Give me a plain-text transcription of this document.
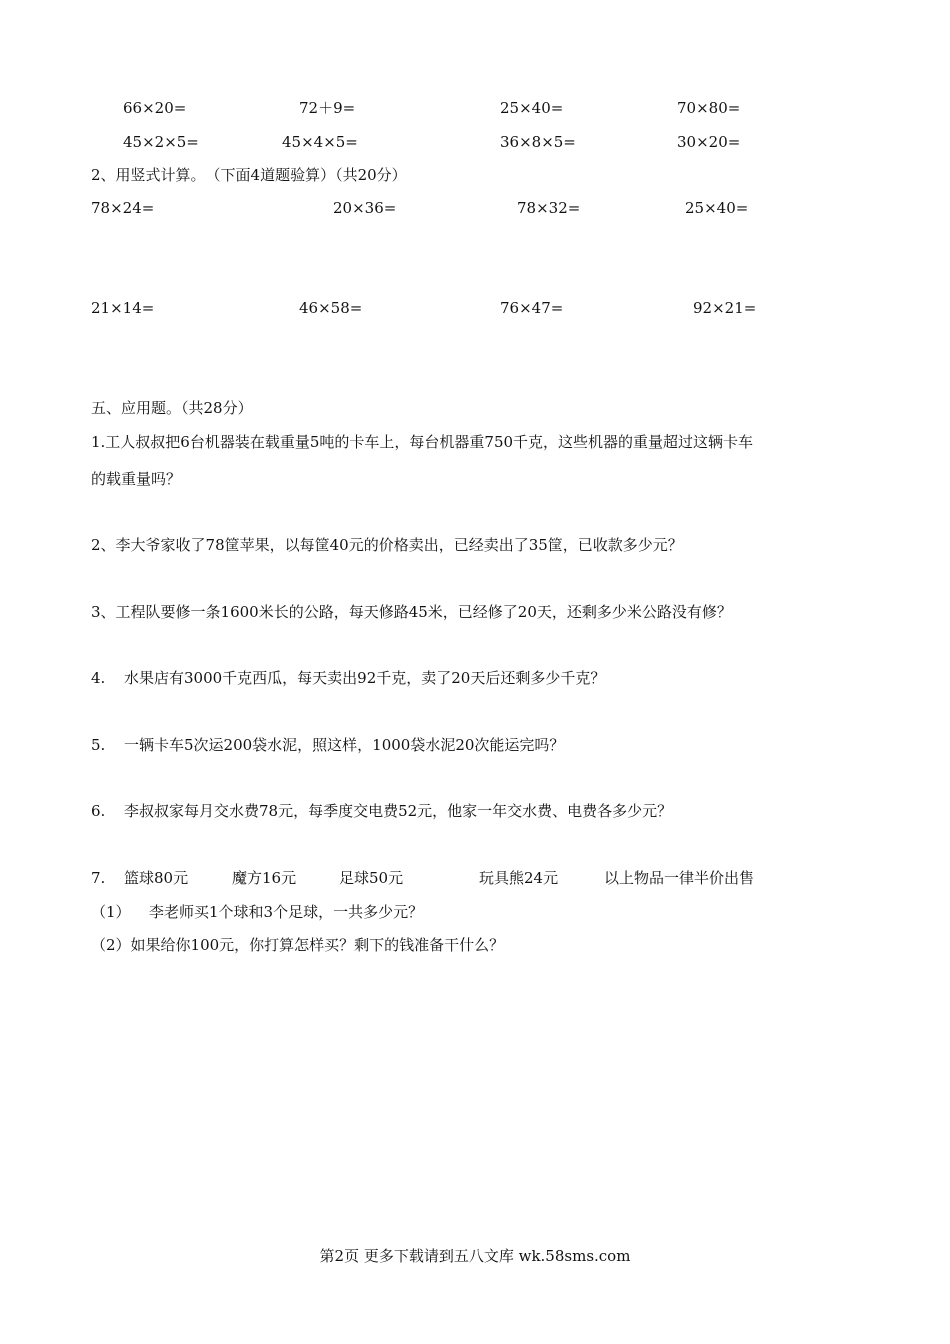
66×20=	72＋9=	25×40=	70×80=
45×2×5=	45×4×5=	36×8×5=	30×20=
2、用竖式计算。　（下面4道题验算）（共20分）
78×24=	20×36=	78×32=	25×40=
21×14=	46×58=	76×47=	92×21=
五、应用题。（共28分）
1.工人叔叔把6台机器装在载重量5吨的卡车上，每台机器重750千克，这些机器的重量超过这辆卡车
的载重量吗？
2、李大爷家收了78筐苹果，以每筐40元的价格卖出，已经卖出了35筐，已收款多少元？
3、工程队要修一条1600米长的公路，每天修路45米，已经修了20天，还剩多少米公路没有修？
4. 水果店有3000千克西瓜，每天卖出92千克，卖了20天后还剩多少千克？
5. 一辆卡车5次运200袋水泥，照这样，1000袋水泥20次能运完吗？
6. 李叔叔家每月交水费78元，每季度交电费52元，他家一年交水费、电费各多少元？
7. 篮球80元	魔方16元	足球50元	玩具熊24元	以上物品一律半价出售
（1） 李老师买1个球和3个足球，一共多少元？
（2）如果给你100元，你打算怎样买？剩下的钱准备干什么？
第2页 更多下载请到五八文库 wk.58sms.com
